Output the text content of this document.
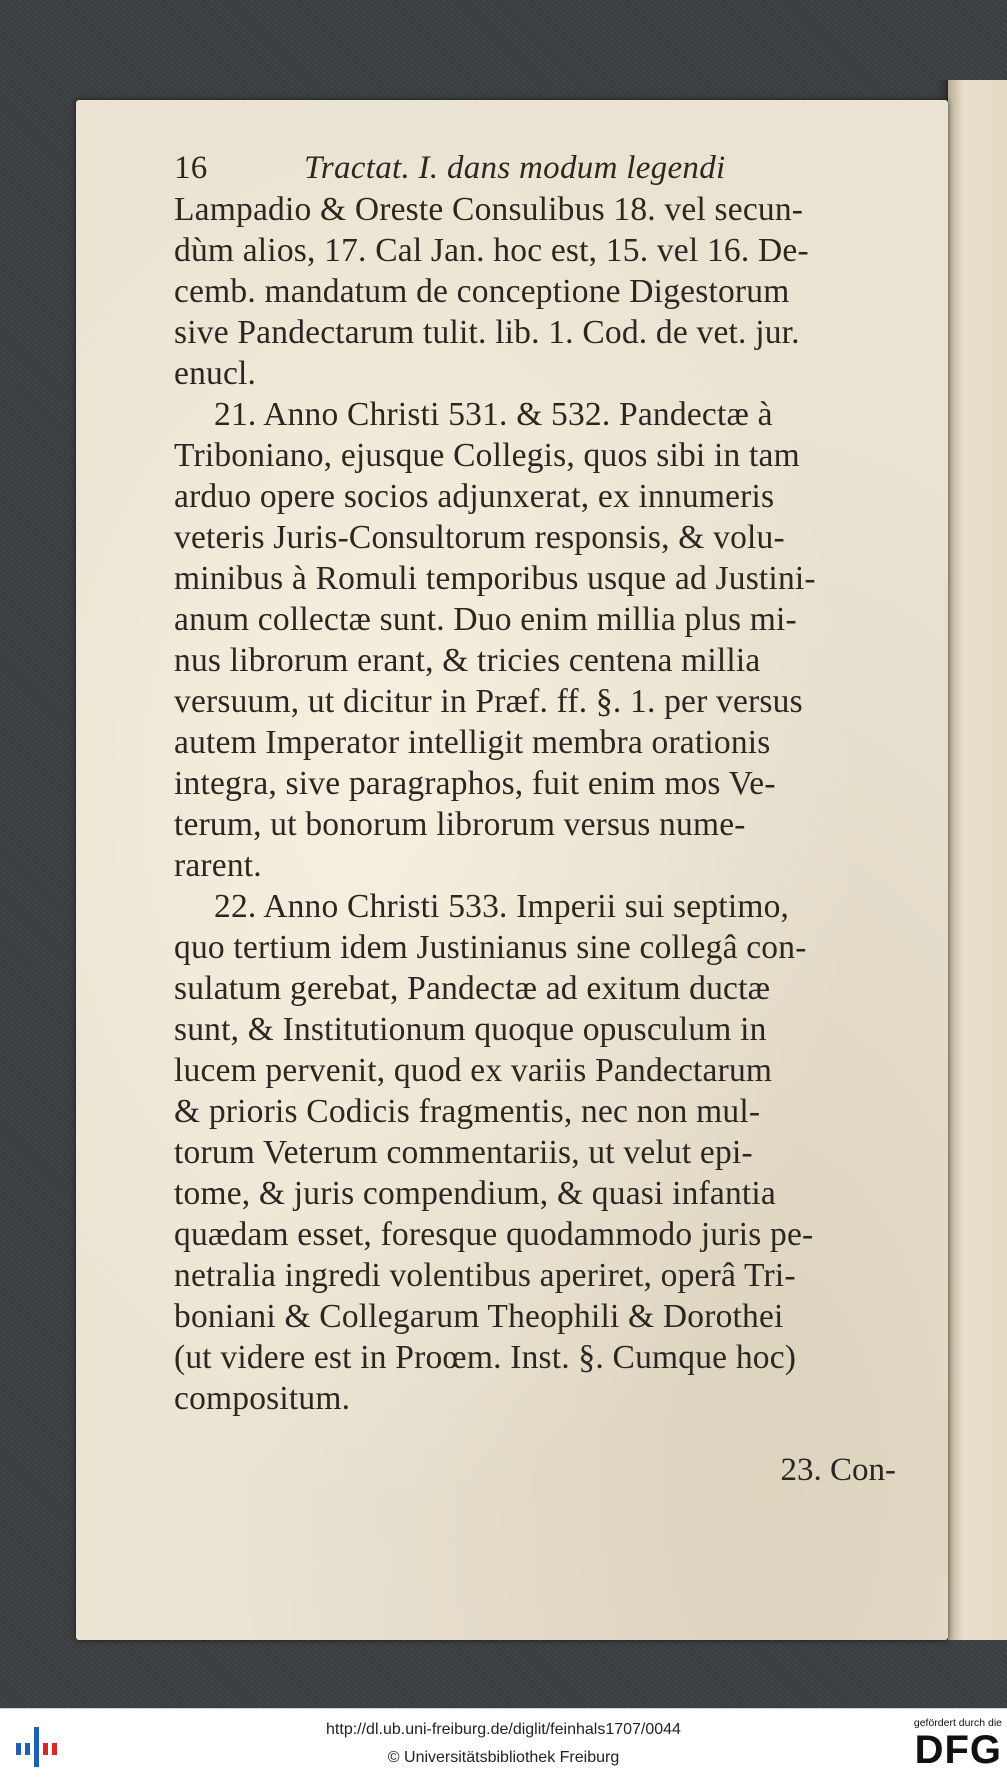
16	Tractat. I. dans modum legendi
Lampadio & Oreste Consulibus 18. vel secun-
dùm alios, 17. Cal Jan. hoc est, 15. vel 16. De-
cemb. mandatum de conceptione Digestorum
sive Pandectarum tulit. lib. 1. Cod. de vet. jur.
enucl.
21. Anno Christi 531. & 532. Pandectæ à
Triboniano, ejusque Collegis, quos sibi in tam
arduo opere socios adjunxerat, ex innumeris
veteris Juris-Consultorum responsis, & volu-
minibus à Romuli temporibus usque ad Justini-
anum collectæ sunt. Duo enim millia plus mi-
nus librorum erant, & tricies centena millia
versuum, ut dicitur in Præf. ff. §. 1. per versus
autem Imperator intelligit membra orationis
integra, sive paragraphos, fuit enim mos Ve-
terum, ut bonorum librorum versus nume-
rarent.
22. Anno Christi 533. Imperii sui septimo,
quo tertium idem Justinianus sine collegâ con-
sulatum gerebat, Pandectæ ad exitum ductæ
sunt, & Institutionum quoque opusculum in
lucem pervenit, quod ex variis Pandectarum
& prioris Codicis fragmentis, nec non mul-
torum Veterum commentariis, ut velut epi-
tome, & juris compendium, & quasi infantia
quædam esset, foresque quodammodo juris pe-
netralia ingredi volentibus aperiret, operâ Tri-
boniani & Collegarum Theophili & Dorothei
(ut videre est in Proœm. Inst. §. Cumque hoc)
compositum.
23. Con-
http://dl.ub.uni-freiburg.de/diglit/feinhals1707/0044
© Universitätsbibliothek Freiburg
gefördert durch die
DFG
